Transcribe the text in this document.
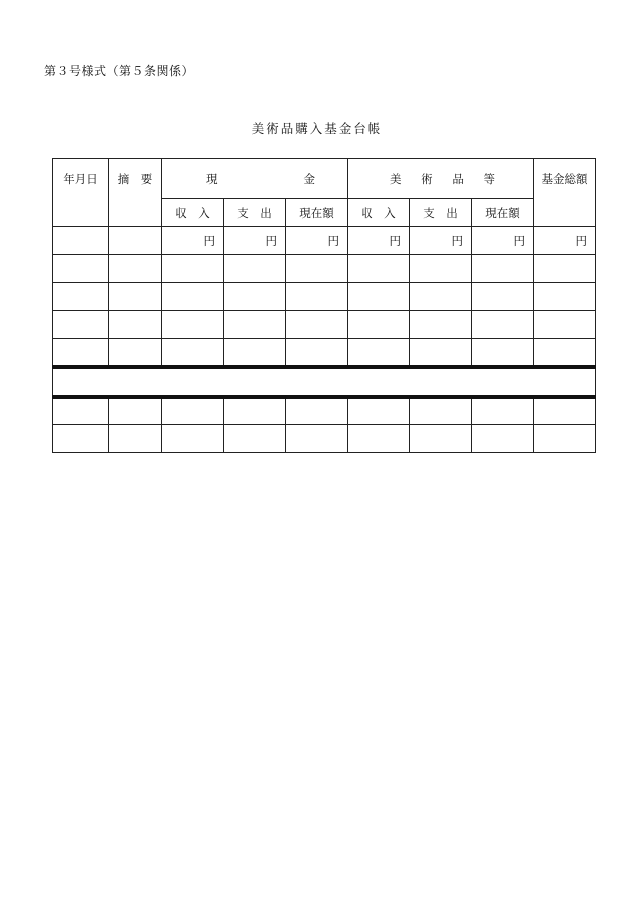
第３号様式（第５条関係）
美術品購入基金台帳
年月日	摘　要	現 金			美 術 品 等			基金総額
		収　入	支　出	現在額	収　入	支　出	現在額	
		円	円	円	円	円	円	円
